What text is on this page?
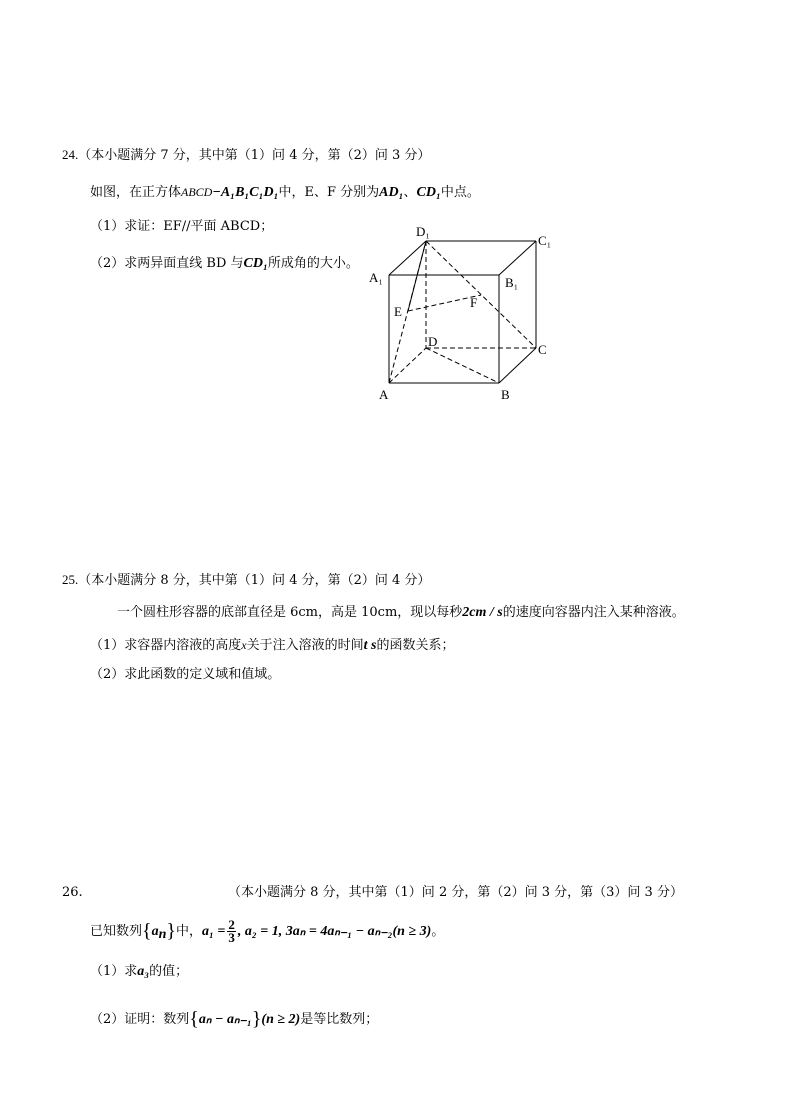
24.（本小题满分 7 分，其中第（1）问 4 分，第（2）问 3 分）
如图，在正方体ABCD−A₁B₁C₁D₁中，E、F 分别为AD₁、CD₁中点。
（1）求证：EF//平面 ABCD；
（2）求两异面直线 BD 与CD₁所成角的大小。
D₁
C₁
A₁	B₁
E
F
D
C
A	B
25.（本小题满分 8 分，其中第（1）问 4 分，第（2）问 4 分）
一个圆柱形容器的底部直径是 6cm，高是 10cm，现以每秒2cm / s的速度向容器内注入某种溶液。
（1）求容器内溶液的高度x关于注入溶液的时间t s的函数关系；
（2）求此函数的定义域和值域。
26.	（本小题满分 8 分，其中第（1）问 2 分，第（2）问 3 分，第（3）问 3 分）
已知数列$\{a_n\}$中，$a_1 = \frac{2}{3}$ , a₂ = 1, 3aₙ = 4aₙ₋₁ − aₙ₋₂(n ≥ 3)。
（1）求a₃的值；
（2）证明：数列{aₙ − aₙ₋₁}(n ≥ 2)是等比数列；
